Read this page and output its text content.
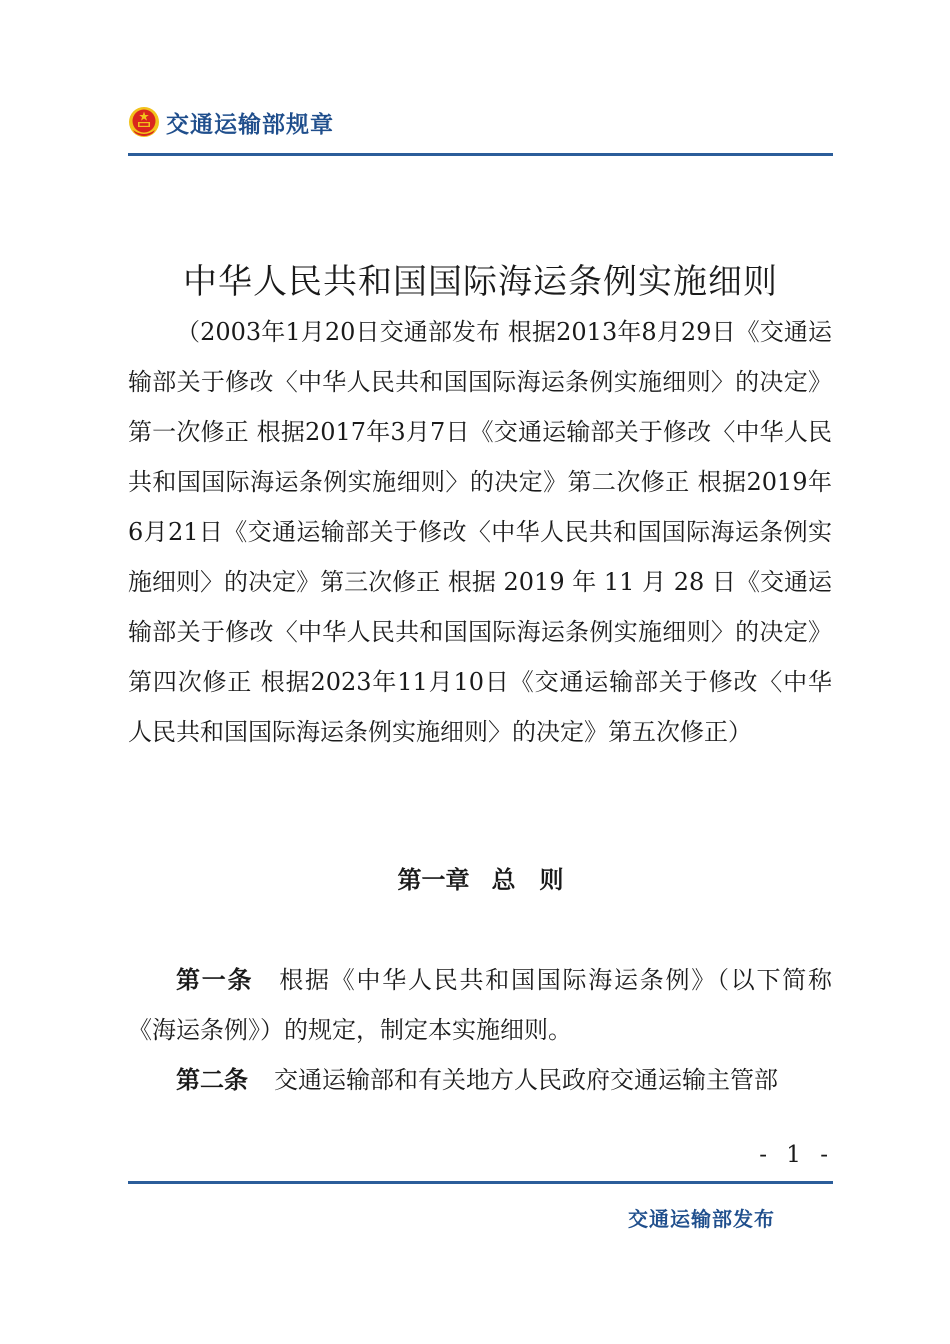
交通运输部规章
中华人民共和国国际海运条例实施细则

（2003年1月20日交通部发布 根据2013年8月29日《交通运输部关于修改〈中华人民共和国国际海运条例实施细则〉的决定》第一次修正 根据2017年3月7日《交通运输部关于修改〈中华人民共和国国际海运条例实施细则〉的决定》第二次修正 根据2019年6月21日《交通运输部关于修改〈中华人民共和国国际海运条例实施细则〉的决定》第三次修正 根据 2019 年 11 月 28 日《交通运输部关于修改〈中华人民共和国国际海运条例实施细则〉的决定》第四次修正 根据2023年11月10日《交通运输部关于修改〈中华人民共和国国际海运条例实施细则〉的决定》第五次修正）

第一章 总　则

第一条 根据《中华人民共和国国际海运条例》（以下简称《海运条例》）的规定，制定本实施细则。

第二条 交通运输部和有关地方人民政府交通运输主管部

- 1 -
交通运输部发布
